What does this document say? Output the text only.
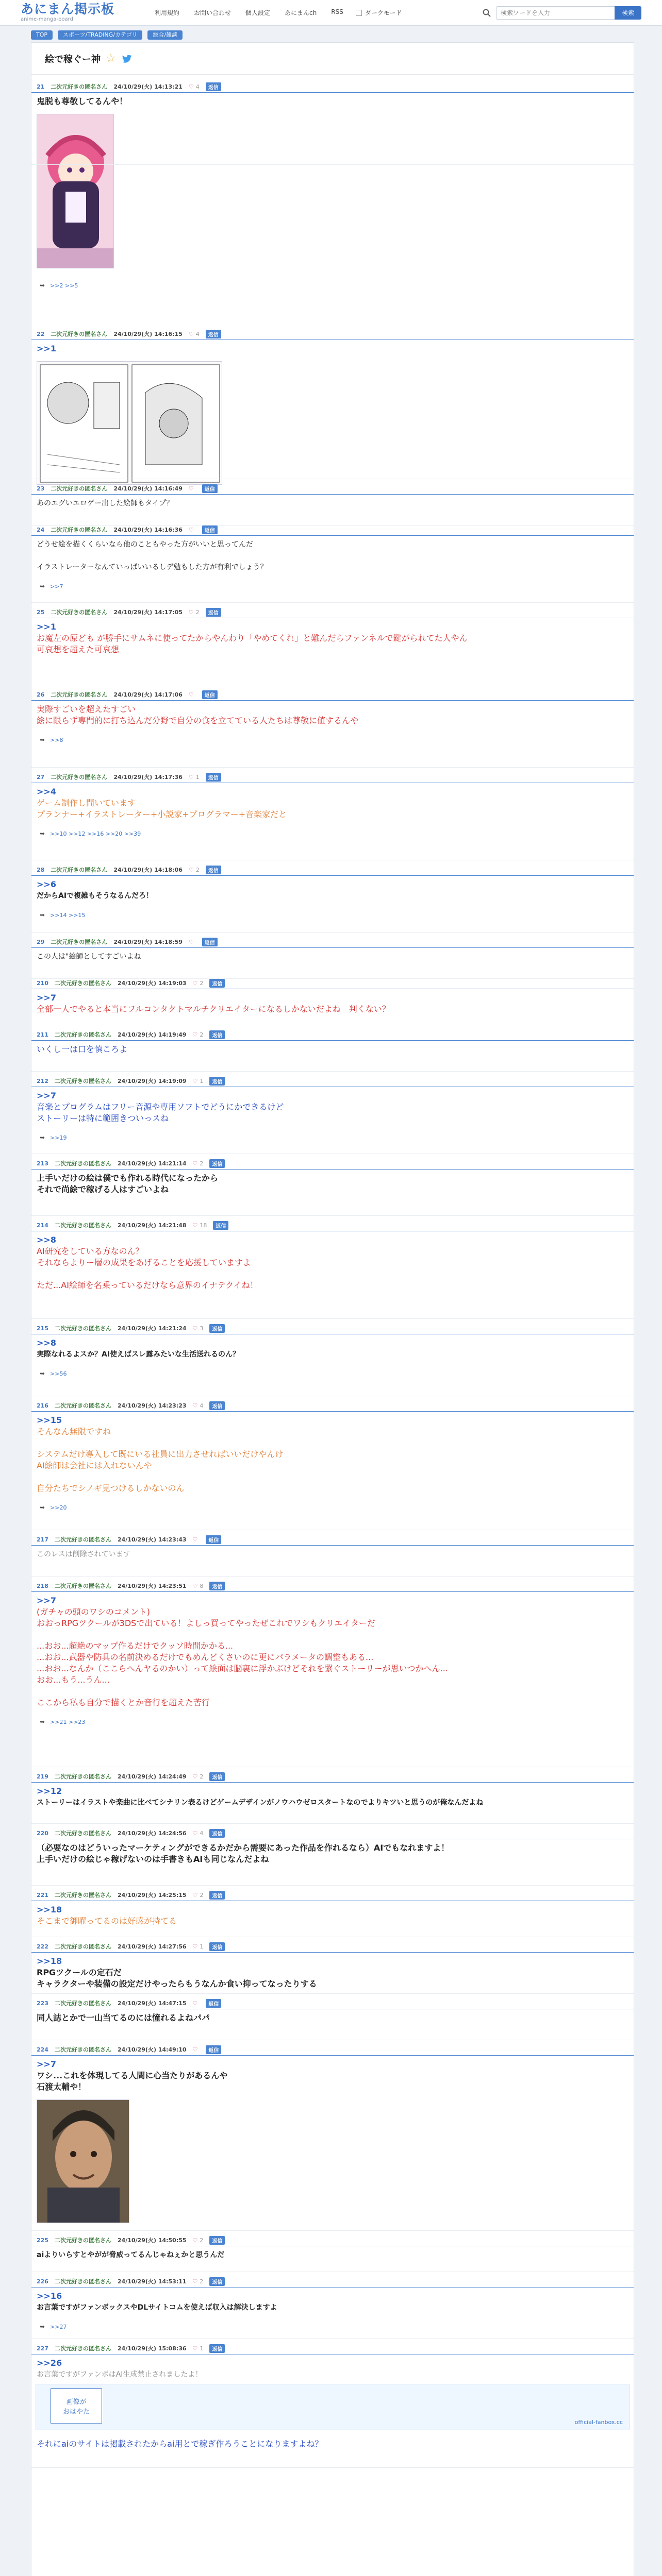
あにまん掲示板
anime-manga-board
利用規約 お問い合わせ 個人設定 あにまんch RSS	ダークモード
検索ワードを入力	検索
TOP	スポーツ/TRADING/カテゴリ	総合/雑談
絵で稼ぐー神 ☆
21 二次元好きの匿名さん 24/10/29(火) 14:13:21 ♡ 4	返信
鬼脱も尊敬してるんや！
➥ >>2 >>5
22 二次元好きの匿名さん 24/10/29(火) 14:16:15 ♡ 4	返信
>>1
23 二次元好きの匿名さん 24/10/29(火) 14:16:49 ♡	返信
あのエグいエロゲー出した絵師もタイプ？
24 二次元好きの匿名さん 24/10/29(火) 14:16:36 ♡	返信
どうせ絵を描くくらいなら他のこともやった方がいいと思ってんだ
イラストレーターなんていっぱいいるしデ勉もした方が有利でしょう？
➥ >>7
25 二次元好きの匿名さん 24/10/29(火) 14:17:05 ♡ 2	返信
>>1
お魔左の原ども が勝手にサムネに使ってたからやんわり「やめてくれ」と難んだらファンネルで鍵がられてた人やん
可哀想を超えた可哀想
26 二次元好きの匿名さん 24/10/29(火) 14:17:06 ♡	返信
実際すごいを超えたすごい
絵に限らず専門的に打ち込んだ分野で自分の食を立てている人たちは尊敬に値するんや
➥ >>8
27 二次元好きの匿名さん 24/10/29(火) 14:17:36 ♡ 1	返信
>>4
ゲーム制作し間いています
プランナー+イラストレーター+小説家+プログラマー+音楽家だと
➥ >>10 >>12 >>16 >>20 >>39
28 二次元好きの匿名さん 24/10/29(火) 14:18:06 ♡ 2	返信
>>6
だからAIで複雑もそうなるんだろ！
➥ >>14 >>15
29 二次元好きの匿名さん 24/10/29(火) 14:18:59 ♡	返信
この人は"絵師としてすごいよね
210 二次元好きの匿名さん 24/10/29(火) 14:19:03 ♡ 2	返信
>>7
全部一人でやると本当にフルコンタクトマルチクリエイターになるしかないだよね　判くない？
211 二次元好きの匿名さん 24/10/29(火) 14:19:49 ♡ 2	返信
いくし一は口を慎ころよ
212 二次元好きの匿名さん 24/10/29(火) 14:19:09 ♡ 1	返信
>>7
音楽とプログラムはフリー音源や専用ソフトでどうにかできるけど
ストーリーは特に範囲きついっスね
➥ >>19
213 二次元好きの匿名さん 24/10/29(火) 14:21:14 ♡ 2	返信
上手いだけの絵は僕でも作れる時代になったから
それで尚絵で稼げる人はすごいよね
214 二次元好きの匿名さん 24/10/29(火) 14:21:48 ♡ 18	返信
>>8
AI研究をしている方なのん？
それならよりー層の成果をあげることを応援していますよ
ただ...AI絵師を名乗っているだけなら意界のイナテクイね！
215 二次元好きの匿名さん 24/10/29(火) 14:21:24 ♡ 3	返信
>>8
実際なれるよスか？AI使えばスレ露みたいな生活送れるのん？
➥ >>56
216 二次元好きの匿名さん 24/10/29(火) 14:23:23 ♡ 4	返信
>>15
そんなん無限ですね
システムだけ導入して既にいる社員に出力させればいいだけやんけ
AI絵師は会社には入れないんや
自分たちでシノギ見つけるしかないのん
➥ >>20
217 二次元好きの匿名さん 24/10/29(火) 14:23:43 ♡	返信
このレスは削除されています
218 二次元好きの匿名さん 24/10/29(火) 14:23:51 ♡ 8	返信
>>7
(ガチャの頭のワシのコメント)
おおっRPGツクールが3DSで出ている！よしっ買ってやったぜこれでワシもクリエイターだ
...おお...超絶のマップ作るだけでクッソ時間かかる...
...おお...武器や防具の名前決めるだけでもめんどくさいのに更にパラメータの調整もある...
...おお...なんか（ここらへんヤるのかい）って絵面は脳裏に浮かぶけどそれを繋ぐストーリーが思いつかへん...
おお...もう...うん...
ここから私も自分で描くとか音行を超えた苦行
➥ >>21 >>23
219 二次元好きの匿名さん 24/10/29(火) 14:24:49 ♡ 2	返信
>>12
ストーリーはイラストや楽曲に比べてシナリン表るけどゲームデザインがノウハウゼロスタートなのでよりキツいと思うのが俺なんだよね
220 二次元好きの匿名さん 24/10/29(火) 14:24:56 ♡ 4	返信
（必要なのはどういったマーケティングができるかだから需要にあった作品を作れるなら）AIでもなれますよ！
上手いだけの絵じゃ稼げないのは手書きもAIも同じなんだよね
221 二次元好きの匿名さん 24/10/29(火) 14:25:15 ♡ 2	返信
>>18
そこまで御曜ってるのは好感が持てる
222 二次元好きの匿名さん 24/10/29(火) 14:27:56 ♡ 1	返信
>>18
RPGツクールの定石だ
キャラクターや装備の設定だけやったらもうなんか食い抑ってなったりする
223 二次元好きの匿名さん 24/10/29(火) 14:47:15 ♡	返信
同人誌とかで一山当てるのには憧れるよねパパ
224 二次元好きの匿名さん 24/10/29(火) 14:49:10 ♡	返信
>>7
ワシ...これを体現してる人間に心当たりがあるんや
石渡太輔や！
225 二次元好きの匿名さん 24/10/29(火) 14:50:55 ♡ 2	返信
aiよりいらすとやがが脅威ってるんじゃねぇかと思うんだ
226 二次元好きの匿名さん 24/10/29(火) 14:53:11 ♡ 2	返信
>>16
お言葉ですがファンボックスやDLサイトコムを使えば収入は解決しますよ
➥ >>27
227 二次元好きの匿名さん 24/10/29(火) 15:08:36 ♡ 1	返信
>>26
お言葉ですがファンボはAI生成禁止されましたよ！
画像が
おはやた
official-fanbox.cc
それにaiのサイトは掲載されたからai用とで稼ぎ作ろうことになりますよね？
